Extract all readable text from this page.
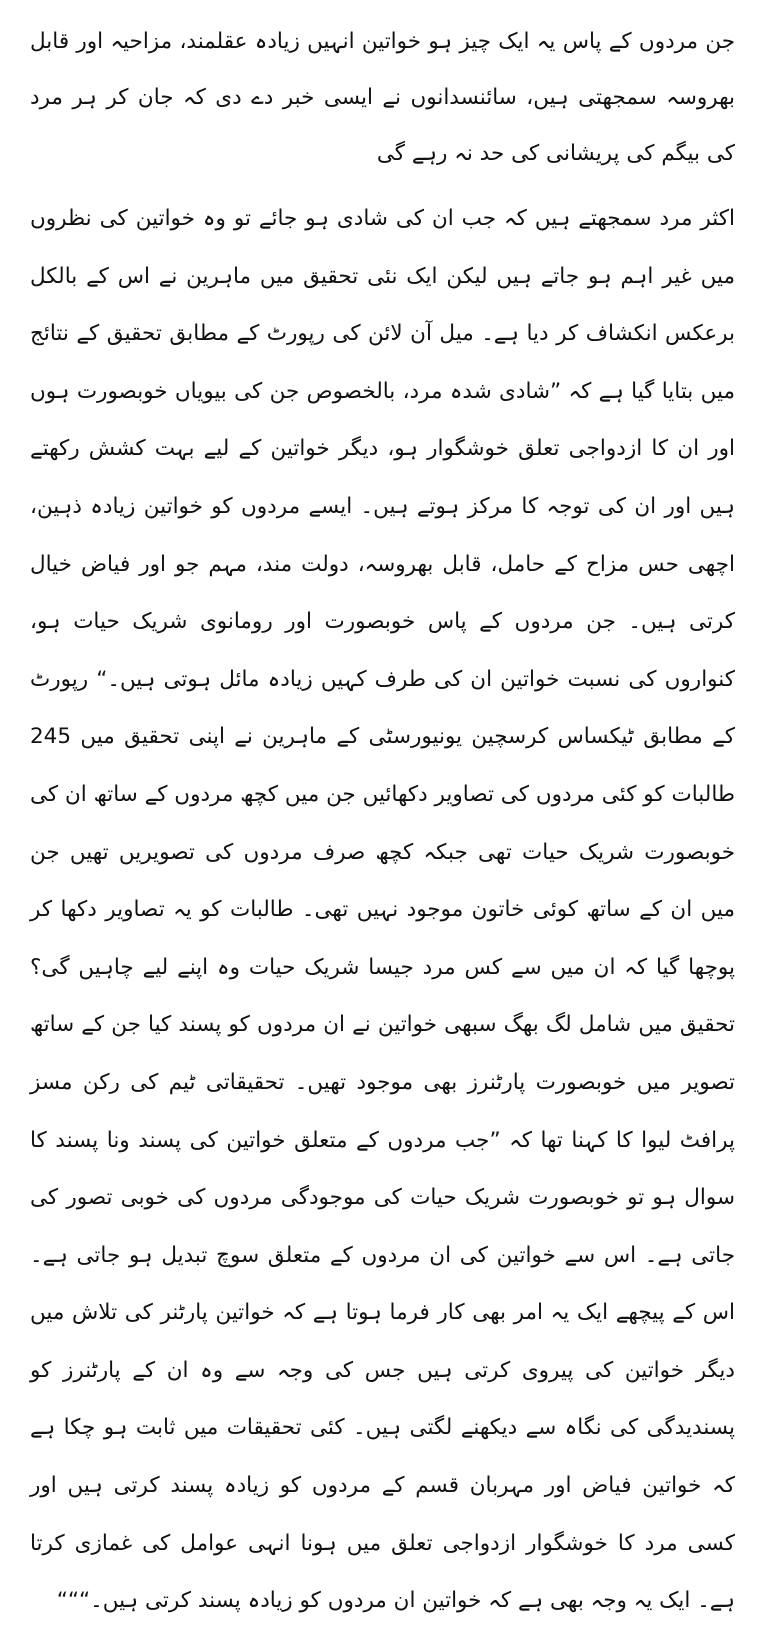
جن مردوں کے پاس یہ ایک چیز ہو خواتین انہیں زیادہ عقلمند، مزاحیہ اور قابل بھروسہ سمجھتی ہیں، سائنسدانوں نے ایسی خبر دے دی کہ جان کر ہر مرد کی بیگم کی پریشانی کی حد نہ رہے گی

اکثر مرد سمجھتے ہیں کہ جب ان کی شادی ہو جائے تو وہ خواتین کی نظروں میں غیر اہم ہو جاتے ہیں لیکن ایک نئی تحقیق میں ماہرین نے اس کے بالکل برعکس انکشاف کر دیا ہے۔ میل آن لائن کی رپورٹ کے مطابق تحقیق کے نتائج میں بتایا گیا ہے کہ ”شادی شدہ مرد، بالخصوص جن کی بیویاں خوبصورت ہوں اور ان کا ازدواجی تعلق خوشگوار ہو، دیگر خواتین کے لیے بہت کشش رکھتے ہیں اور ان کی توجہ کا مرکز ہوتے ہیں۔ ایسے مردوں کو خواتین زیادہ ذہین، اچھی حس مزاح کے حامل، قابل بھروسہ، دولت مند، مہم جو اور فیاض خیال کرتی ہیں۔ جن مردوں کے پاس خوبصورت اور رومانوی شریک حیات ہو، کنواروں کی نسبت خواتین ان کی طرف کہیں زیادہ مائل ہوتی ہیں۔“ رپورٹ کے مطابق ٹیکساس کرسچین یونیورسٹی کے ماہرین نے اپنی تحقیق میں 245 طالبات کو کئی مردوں کی تصاویر دکھائیں جن میں کچھ مردوں کے ساتھ ان کی خوبصورت شریک حیات تھی جبکہ کچھ صرف مردوں کی تصویریں تھیں جن میں ان کے ساتھ کوئی خاتون موجود نہیں تھی۔ طالبات کو یہ تصاویر دکھا کر پوچھا گیا کہ ان میں سے کس مرد جیسا شریک حیات وہ اپنے لیے چاہیں گی؟ تحقیق میں شامل لگ بھگ سبھی خواتین نے ان مردوں کو پسند کیا جن کے ساتھ تصویر میں خوبصورت پارٹنرز بھی موجود تھیں۔ تحقیقاتی ٹیم کی رکن مسز پرافٹ لیوا کا کہنا تھا کہ ”جب مردوں کے متعلق خواتین کی پسند ونا پسند کا سوال ہو تو خوبصورت شریک حیات کی موجودگی مردوں کی خوبی تصور کی جاتی ہے۔ اس سے خواتین کی ان مردوں کے متعلق سوچ تبدیل ہو جاتی ہے۔ اس کے پیچھے ایک یہ امر بھی کار فرما ہوتا ہے کہ خواتین پارٹنر کی تلاش میں دیگر خواتین کی پیروی کرتی ہیں جس کی وجہ سے وہ ان کے پارٹنرز کو پسندیدگی کی نگاہ سے دیکھنے لگتی ہیں۔ کئی تحقیقات میں ثابت ہو چکا ہے کہ خواتین فیاض اور مہربان قسم کے مردوں کو زیادہ پسند کرتی ہیں اور کسی مرد کا خوشگوار ازدواجی تعلق میں ہونا انہی عوامل کی غمازی کرتا ہے۔ ایک یہ وجہ بھی ہے کہ خواتین ان مردوں کو زیادہ پسند کرتی ہیں۔“““
